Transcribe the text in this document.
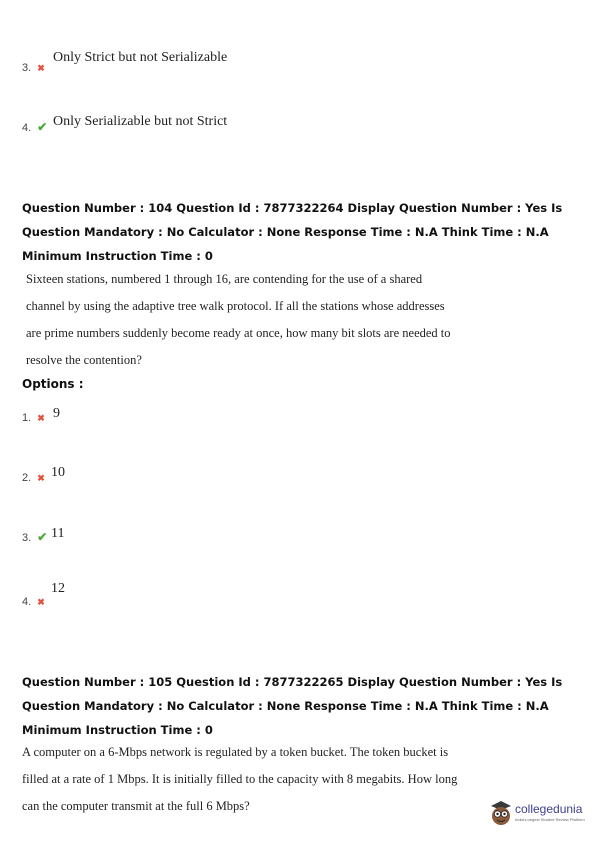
3. ✖
Only Strict but not Serializable
4. ✔ Only Serializable but not Strict
Question Number : 104 Question Id : 7877322264 Display Question Number : Yes Is Question Mandatory : No Calculator : None Response Time : N.A Think Time : N.A Minimum Instruction Time : 0
Sixteen stations, numbered 1 through 16, are contending for the use of a shared channel by using the adaptive tree walk protocol. If all the stations whose addresses are prime numbers suddenly become ready at once, how many bit slots are needed to resolve the contention?
Options :
1. ✖ 9
2. ✖ 10
3. ✔ 11
4. ✖
12
Question Number : 105 Question Id : 7877322265 Display Question Number : Yes Is Question Mandatory : No Calculator : None Response Time : N.A Think Time : N.A Minimum Instruction Time : 0
A computer on a 6-Mbps network is regulated by a token bucket. The token bucket is filled at a rate of 1 Mbps. It is initially filled to the capacity with 8 megabits. How long can the computer transmit at the full 6 Mbps?	collegedunia
India's largest Student Review Platform
